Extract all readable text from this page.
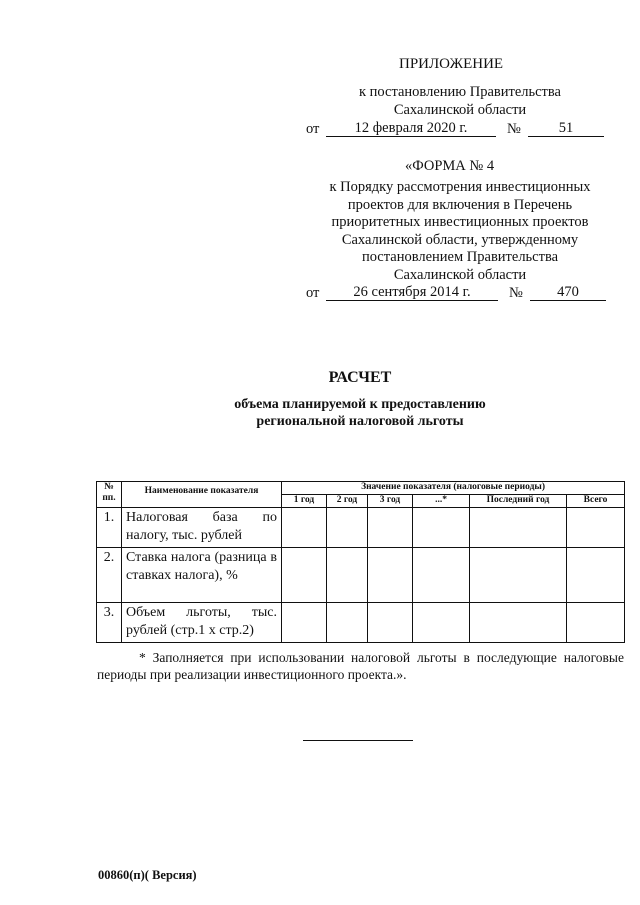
ПРИЛОЖЕНИЕ
к постановлению Правительства
Сахалинской области
от	12 февраля 2020 г.	№	51
«ФОРМА № 4
к Порядку рассмотрения инвестиционных
проектов для включения в Перечень
приоритетных инвестиционных проектов
Сахалинской области, утвержденному
постановлением Правительства
Сахалинской области
от	26 сентября 2014 г.	№	470
РАСЧЕТ
объема планируемой к предоставлению
региональной налоговой льготы
№ пп.	Наименование показателя	Значение показателя (налоговые периоды)					
		1 год	2 год	3 год	...*	Последний год	Всего
1.	Налоговая база по налогу, тыс. рублей						
2.	Ставка налога (разница в ставках налога), %						
3.	Объем льготы, тыс. рублей (стр.1 х стр.2)						
* Заполняется при использовании налоговой льготы в последующие налоговые периоды при реализации инвестиционного проекта.».
00860(п)( Версия)
